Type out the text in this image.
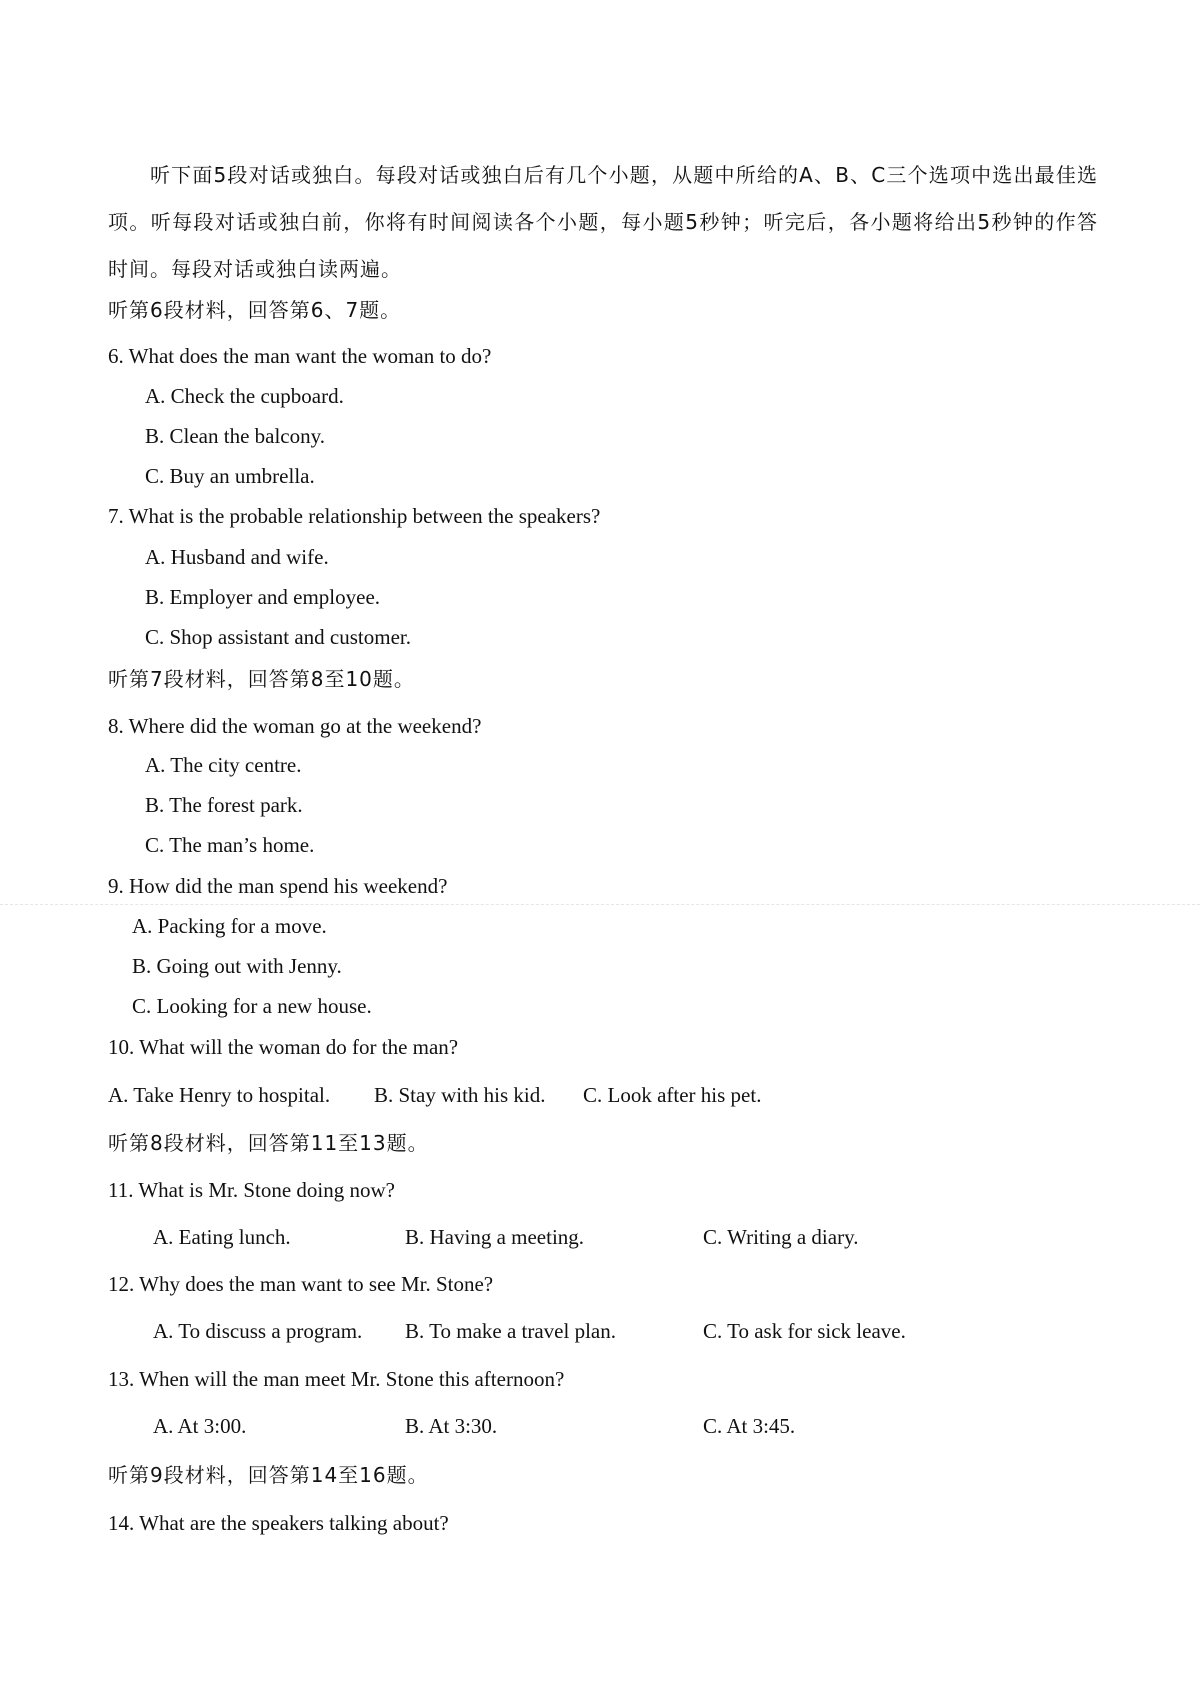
听下面5段对话或独白。每段对话或独白后有几个小题，从题中所给的A、B、C三个选项中选出最佳选项。听每段对话或独白前，你将有时间阅读各个小题，每小题5秒钟；听完后，各小题将给出5秒钟的作答时间。每段对话或独白读两遍。

听第6段材料，回答第6、7题。
6. What does the man want the woman to do?
A. Check the cupboard.
B. Clean the balcony.
C. Buy an umbrella.
7. What is the probable relationship between the speakers?
A. Husband and wife.
B. Employer and employee.
C. Shop assistant and customer.
听第7段材料，回答第8至10题。
8. Where did the woman go at the weekend?
A. The city centre.
B. The forest park.
C. The man’s home.
9. How did the man spend his weekend?
A. Packing for a move.
B. Going out with Jenny.
C. Looking for a new house.
10. What will the woman do for the man?
A. Take Henry to hospital. B. Stay with his kid. C. Look after his pet.
听第8段材料，回答第11至13题。
11. What is Mr. Stone doing now?
A. Eating lunch.	B. Having a meeting.	C. Writing a diary.
12. Why does the man want to see Mr. Stone?
A. To discuss a program. B. To make a travel plan.	C. To ask for sick leave.
13. When will the man meet Mr. Stone this afternoon?
A. At 3:00.	B. At 3:30.	C. At 3:45.
听第9段材料，回答第14至16题。
14. What are the speakers talking about?
